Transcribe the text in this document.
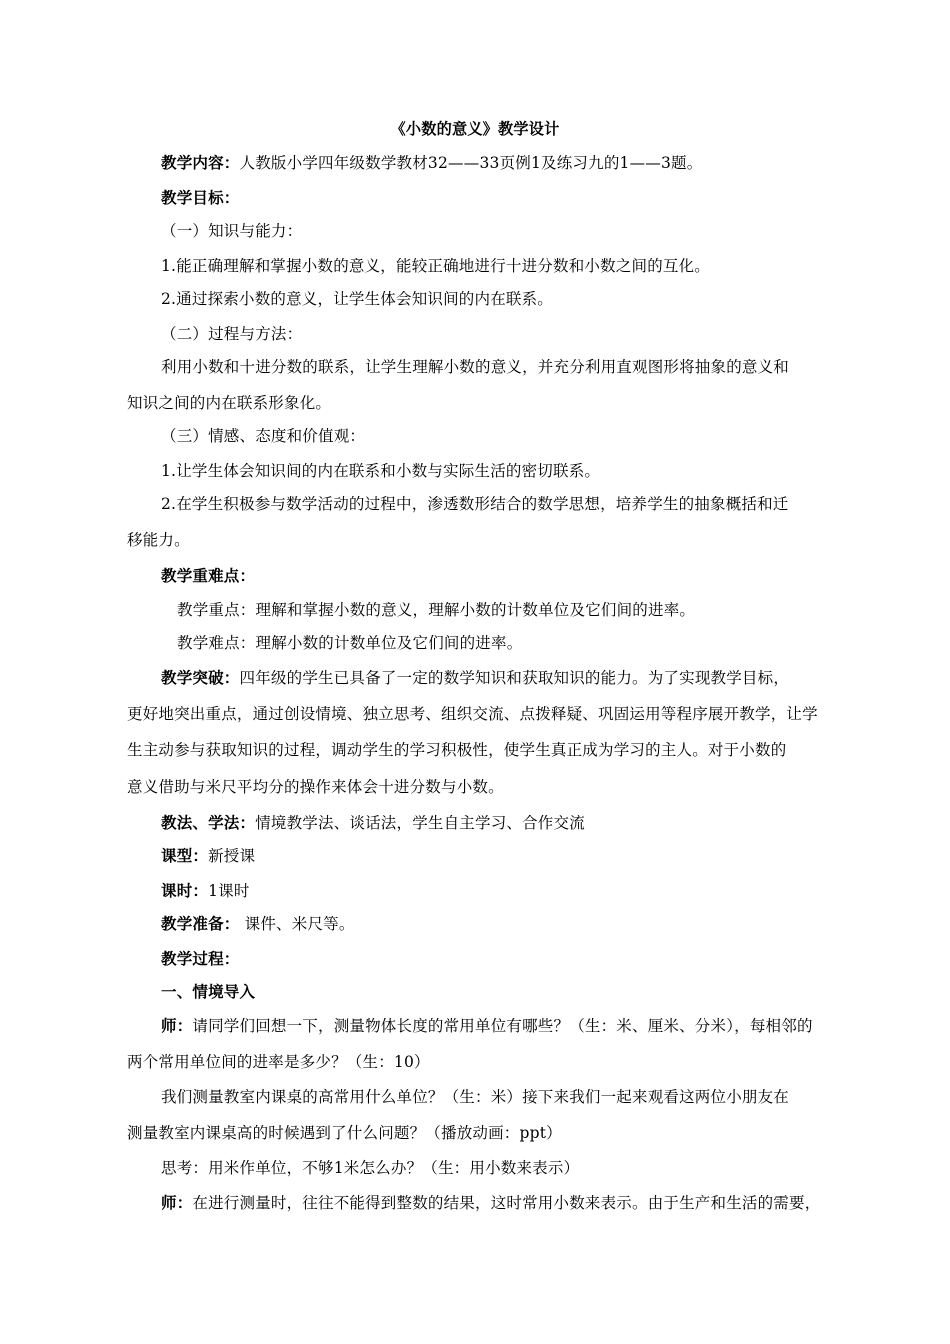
《小数的意义》教学设计
教学内容：人教版小学四年级数学教材32——33页例1及练习九的1——3题。
教学目标：
（一）知识与能力：
1.能正确理解和掌握小数的意义，能较正确地进行十进分数和小数之间的互化。
2.通过探索小数的意义，让学生体会知识间的内在联系。
（二）过程与方法：
利用小数和十进分数的联系，让学生理解小数的意义，并充分利用直观图形将抽象的意义和
知识之间的内在联系形象化。
（三）情感、态度和价值观：
1.让学生体会知识间的内在联系和小数与实际生活的密切联系。
2.在学生积极参与数学活动的过程中，渗透数形结合的数学思想，培养学生的抽象概括和迁
移能力。
教学重难点：
教学重点：理解和掌握小数的意义，理解小数的计数单位及它们间的进率。
教学难点：理解小数的计数单位及它们间的进率。
教学突破：四年级的学生已具备了一定的数学知识和获取知识的能力。为了实现教学目标，
更好地突出重点，通过创设情境、独立思考、组织交流、点拨释疑、巩固运用等程序展开教学，让学
生主动参与获取知识的过程，调动学生的学习积极性，使学生真正成为学习的主人。对于小数的
意义借助与米尺平均分的操作来体会十进分数与小数。
教法、学法：情境教学法、谈话法，学生自主学习、合作交流
课型：新授课
课时：1课时
教学准备： 课件、米尺等。
教学过程：
一、情境导入
师：请同学们回想一下，测量物体长度的常用单位有哪些？（生：米、厘米、分米），每相邻的
两个常用单位间的进率是多少？（生：10）
我们测量教室内课桌的高常用什么单位？（生：米）接下来我们一起来观看这两位小朋友在
测量教室内课桌高的时候遇到了什么问题？（播放动画：ppt）
思考：用米作单位，不够1米怎么办？（生：用小数来表示）
师：在进行测量时，往往不能得到整数的结果，这时常用小数来表示。由于生产和生活的需要，
